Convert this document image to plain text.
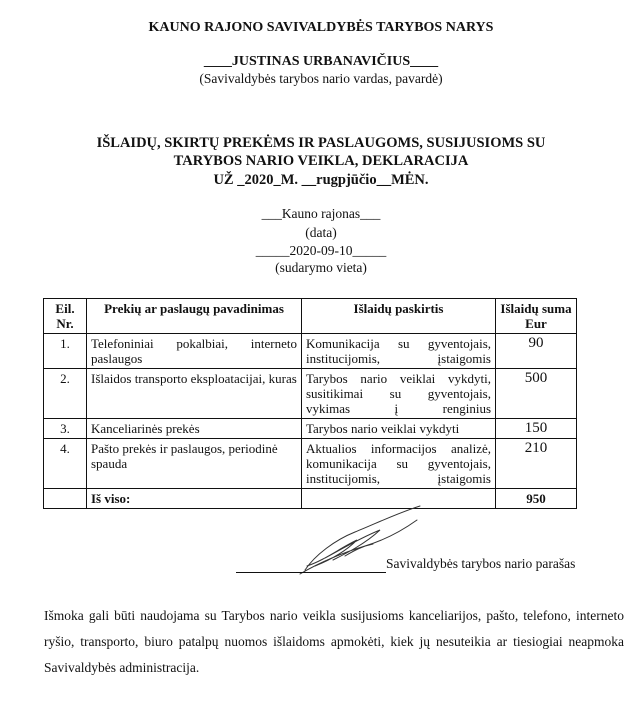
KAUNO RAJONO SAVIVALDYBĖS TARYBOS NARYS
____JUSTINAS URBANAVIČIUS____
(Savivaldybės tarybos nario vardas, pavardė)
IŠLAIDŲ, SKIRTŲ PREKĖMS IR PASLAUGOMS, SUSIJUSIOMS SU
TARYBOS NARIO VEIKLA, DEKLARACIJA
UŽ _2020_M. __rugpjūčio__MĖN.
___Kauno rajonas___
(data)
_____2020-09-10_____
(sudarymo vieta)
Eil. Nr.	Prekių ar paslaugų pavadinimas	Išlaidų paskirtis	Išlaidų suma Eur
1.	Telefoniniai pokalbiai, interneto paslaugos	Komunikacija su gyventojais, institucijomis, įstaigomis	90
2.	Išlaidos transporto eksploatacijai, kuras	Tarybos nario veiklai vykdyti, susitikimai su gyventojais, vykimas į renginius	500
3.	Kanceliarinės prekės	Tarybos nario veiklai vykdyti	150
4.	Pašto prekės ir paslaugos, periodinė spauda	Aktualios informacijos analizė, komunikacija su gyventojais, institucijomis, įstaigomis	210
	Iš viso:		950
Savivaldybės tarybos nario parašas
Išmoka gali būti naudojama su Tarybos nario veikla susijusioms kanceliarijos, pašto, telefono, interneto ryšio, transporto, biuro patalpų nuomos išlaidoms apmokėti, kiek jų nesuteikia ar tiesiogiai neapmoka Savivaldybės administracija.
